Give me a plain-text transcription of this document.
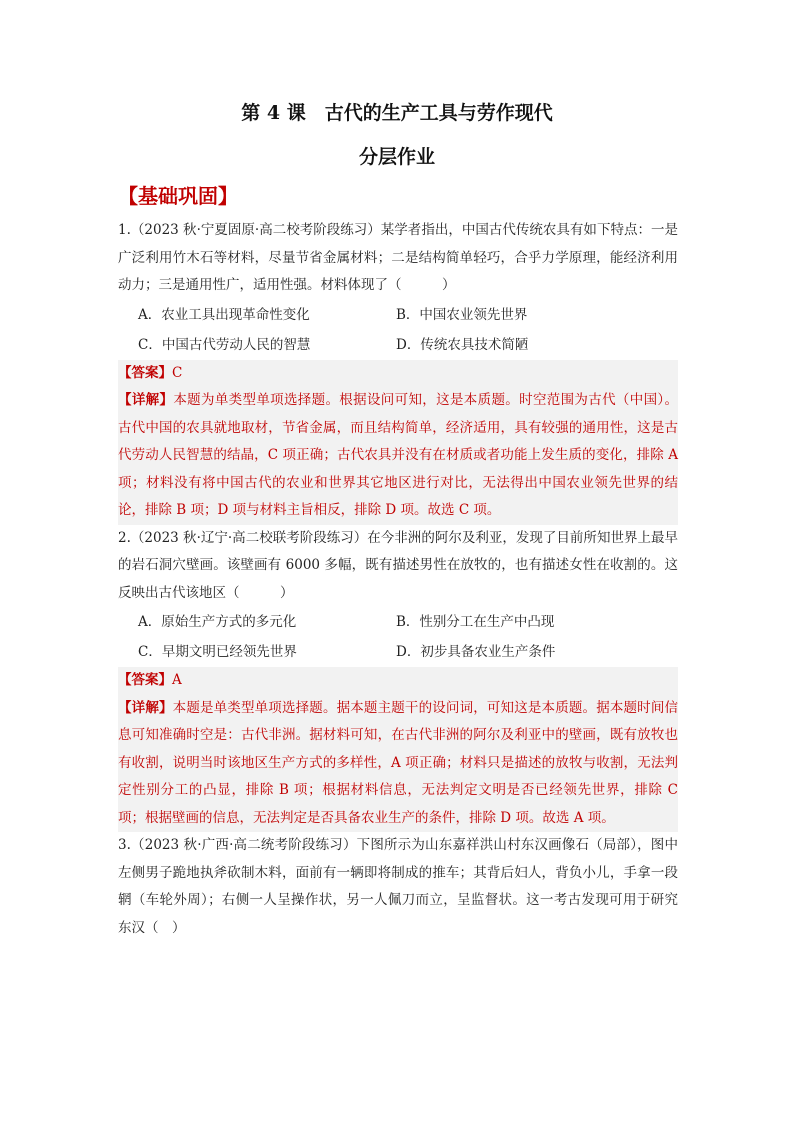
第 4 课　古代的生产工具与劳作现代
分层作业
【基础巩固】

1.（2023 秋·宁夏固原·高二校考阶段练习）某学者指出，中国古代传统农具有如下特点：一是广泛利用竹木石等材料，尽量节省金属材料；二是结构简单轻巧，合乎力学原理，能经济利用动力；三是通用性广，适用性强。材料体现了（　　　）

A．农业工具出现革命性变化	B．中国农业领先世界
C．中国古代劳动人民的智慧	D．传统农具技术简陋
【答案】C
【详解】本题为单类型单项选择题。根据设问可知，这是本质题。时空范围为古代（中国）。古代中国的农具就地取材，节省金属，而且结构简单，经济适用，具有较强的通用性，这是古代劳动人民智慧的结晶，C 项正确；古代农具并没有在材质或者功能上发生质的变化，排除 A 项；材料没有将中国古代的农业和世界其它地区进行对比，无法得出中国农业领先世界的结论，排除 B 项；D 项与材料主旨相反，排除 D 项。故选 C 项。

2.（2023 秋·辽宁·高二校联考阶段练习）在今非洲的阿尔及利亚，发现了目前所知世界上最早的岩石洞穴壁画。该壁画有 6000 多幅，既有描述男性在放牧的，也有描述女性在收割的。这反映出古代该地区（　　　）

A．原始生产方式的多元化	B．性别分工在生产中凸现
C．早期文明已经领先世界	D．初步具备农业生产条件
【答案】A
【详解】本题是单类型单项选择题。据本题主题干的设问词，可知这是本质题。据本题时间信息可知准确时空是：古代非洲。据材料可知，在古代非洲的阿尔及利亚中的壁画，既有放牧也有收割，说明当时该地区生产方式的多样性，A 项正确；材料只是描述的放牧与收割，无法判定性别分工的凸显，排除 B 项；根据材料信息，无法判定文明是否已经领先世界，排除 C 项；根据壁画的信息，无法判定是否具备农业生产的条件，排除 D 项。故选 A 项。

3.（2023 秋·广西·高二统考阶段练习）下图所示为山东嘉祥洪山村东汉画像石（局部），图中左侧男子跪地执斧砍制木料，面前有一辆即将制成的推车；其背后妇人，背负小儿，手拿一段辋（车轮外周）；右侧一人呈操作状，另一人佩刀而立，呈监督状。这一考古发现可用于研究东汉（　）
